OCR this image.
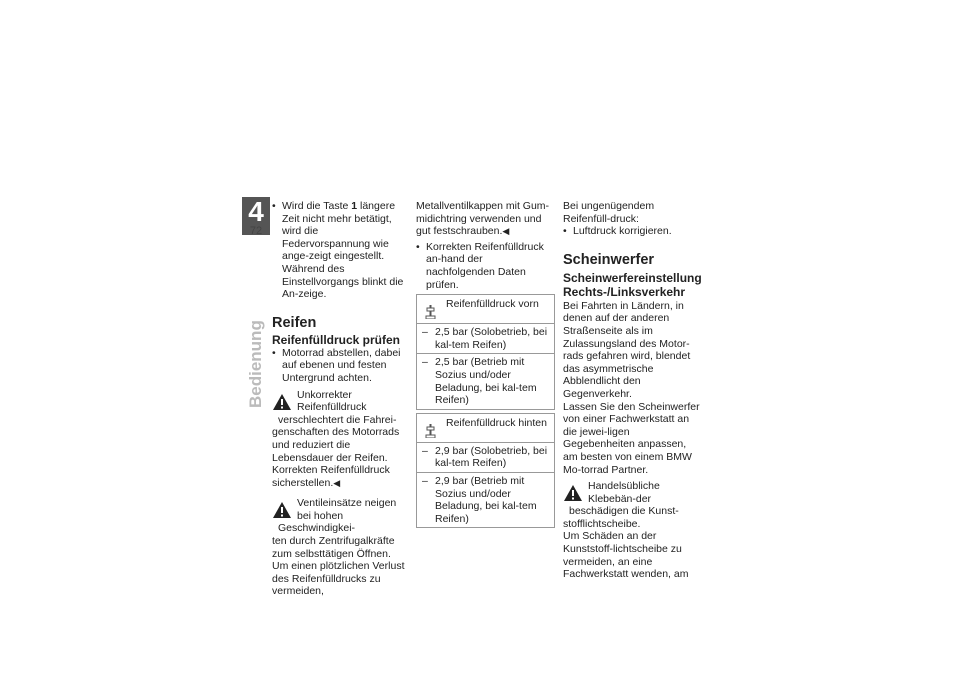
4
72
Bedienung
• Wird die Taste 1 längere Zeit nicht mehr betätigt, wird die Federvorspannung wie ange-zeigt eingestellt. Während des Einstellvorgangs blinkt die An-zeige.
Reifen
Reifenfülldruck prüfen
• Motorrad abstellen, dabei auf ebenen und festen Untergrund achten.

Unkorrekter Reifenfülldruck verschlechtert die Fahrei-

genschaften des Motorrads und reduziert die Lebensdauer der Reifen.

Korrekten Reifenfülldruck sicherstellen.◀

Ventileinsätze neigen bei hohen Geschwindigkei-

ten durch Zentrifugalkräfte zum selbsttätigen Öffnen.

Um einen plötzlichen Verlust des Reifenfülldrucks zu vermeiden,

Metallventilkappen mit Gum-midichtring verwenden und gut festschrauben.◀

• Korrekten Reifenfülldruck an-hand der nachfolgenden Daten prüfen.
Reifenfülldruck vorn
– 2,5 bar (Solobetrieb, bei kal-tem Reifen)
– 2,5 bar (Betrieb mit Sozius und/oder Beladung, bei kal-tem Reifen)
Reifenfülldruck hinten
– 2,9 bar (Solobetrieb, bei kal-tem Reifen)
– 2,9 bar (Betrieb mit Sozius und/oder Beladung, bei kal-tem Reifen)

Bei ungenügendem Reifenfüll-druck:

• Luftdruck korrigieren.
Scheinwerfer
Scheinwerfereinstellung Rechts-/Linksverkehr

Bei Fahrten in Ländern, in denen auf der anderen Straßenseite als im Zulassungsland des Motor-rads gefahren wird, blendet das asymmetrische Abblendlicht den Gegenverkehr.

Lassen Sie den Scheinwerfer von einer Fachwerkstatt an die jewei-ligen Gegebenheiten anpassen, am besten von einem BMW Mo-torrad Partner.

Handelsübliche Klebebän-der beschädigen die Kunst-

stofflichtscheibe.

Um Schäden an der Kunststoff-lichtscheibe zu vermeiden, an eine Fachwerkstatt wenden, am
